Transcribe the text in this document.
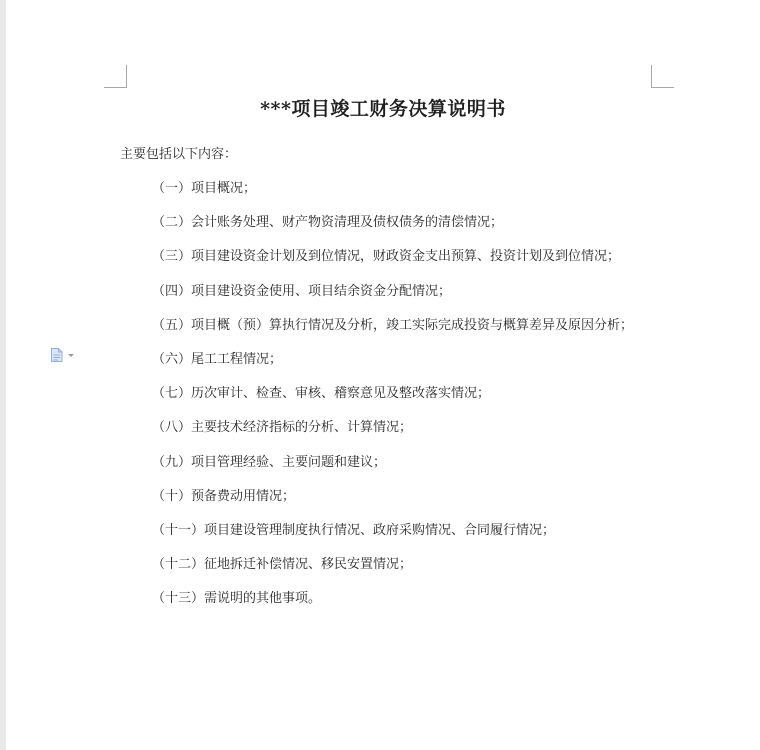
***项目竣工财务决算说明书
主要包括以下内容：
（一）项目概况；
（二）会计账务处理、财产物资清理及债权债务的清偿情况；
（三）项目建设资金计划及到位情况，财政资金支出预算、投资计划及到位情况；
（四）项目建设资金使用、项目结余资金分配情况；
（五）项目概（预）算执行情况及分析，竣工实际完成投资与概算差异及原因分析；
（六）尾工工程情况；
（七）历次审计、检查、审核、稽察意见及整改落实情况；
（八）主要技术经济指标的分析、计算情况；
（九）项目管理经验、主要问题和建议；
（十）预备费动用情况；
（十一）项目建设管理制度执行情况、政府采购情况、合同履行情况；
（十二）征地拆迁补偿情况、移民安置情况；
（十三）需说明的其他事项。
